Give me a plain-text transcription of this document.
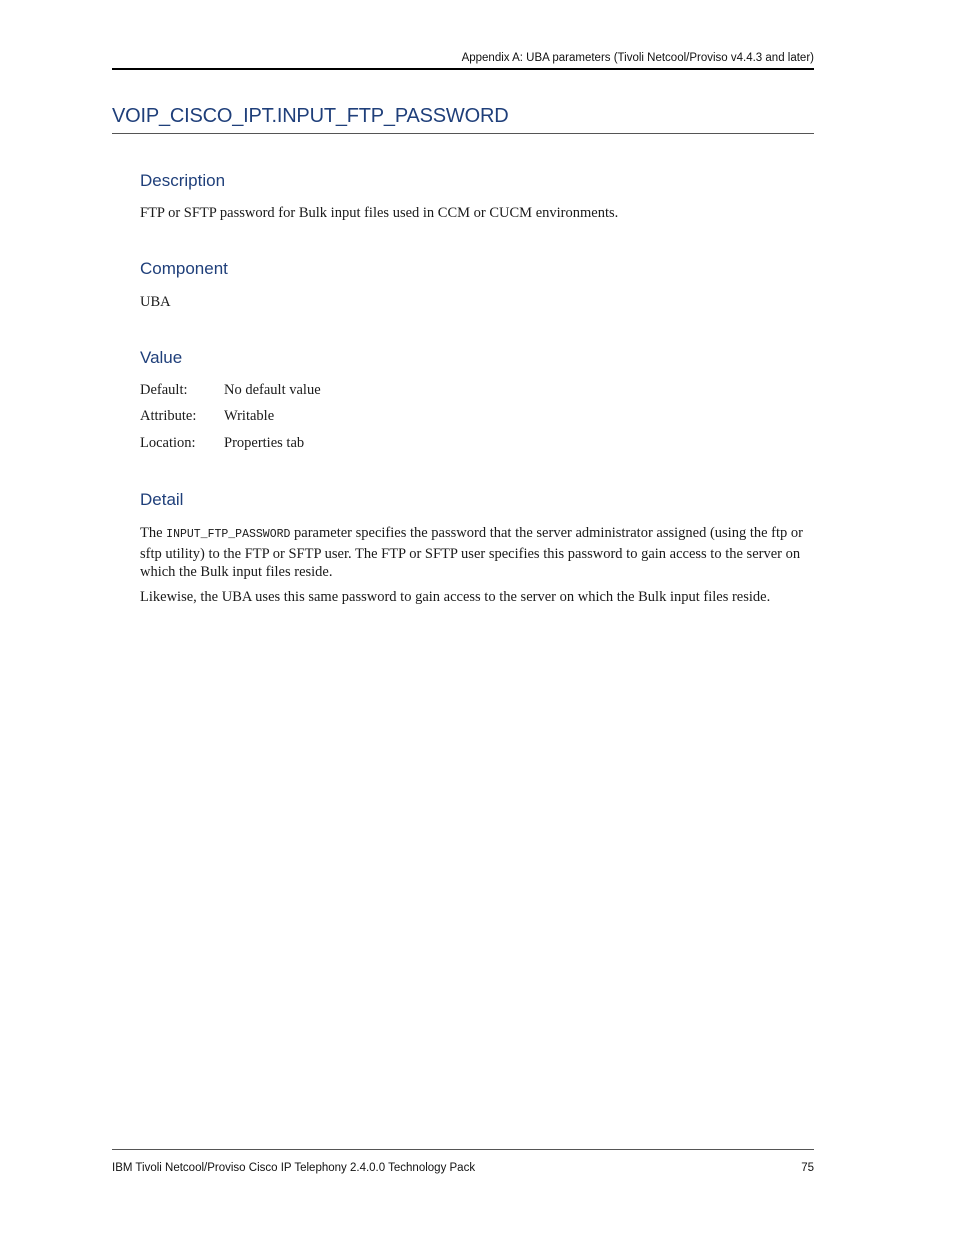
Appendix A: UBA parameters (Tivoli Netcool/Proviso v4.4.3 and later)
VOIP_CISCO_IPT.INPUT_FTP_PASSWORD
Description

FTP or SFTP password for Bulk input files used in CCM or CUCM environments.

Component

UBA

Value
Default:	No default value
Attribute: Writable
Location: Properties tab
Detail

The INPUT_FTP_PASSWORD parameter specifies the password that the server administrator assigned (using the ftp or sftp utility) to the FTP or SFTP user. The FTP or SFTP user specifies this password to gain access to the server on which the Bulk input files reside.

Likewise, the UBA uses this same password to gain access to the server on which the Bulk input files reside.

IBM Tivoli Netcool/Proviso Cisco IP Telephony 2.4.0.0 Technology Pack	75
